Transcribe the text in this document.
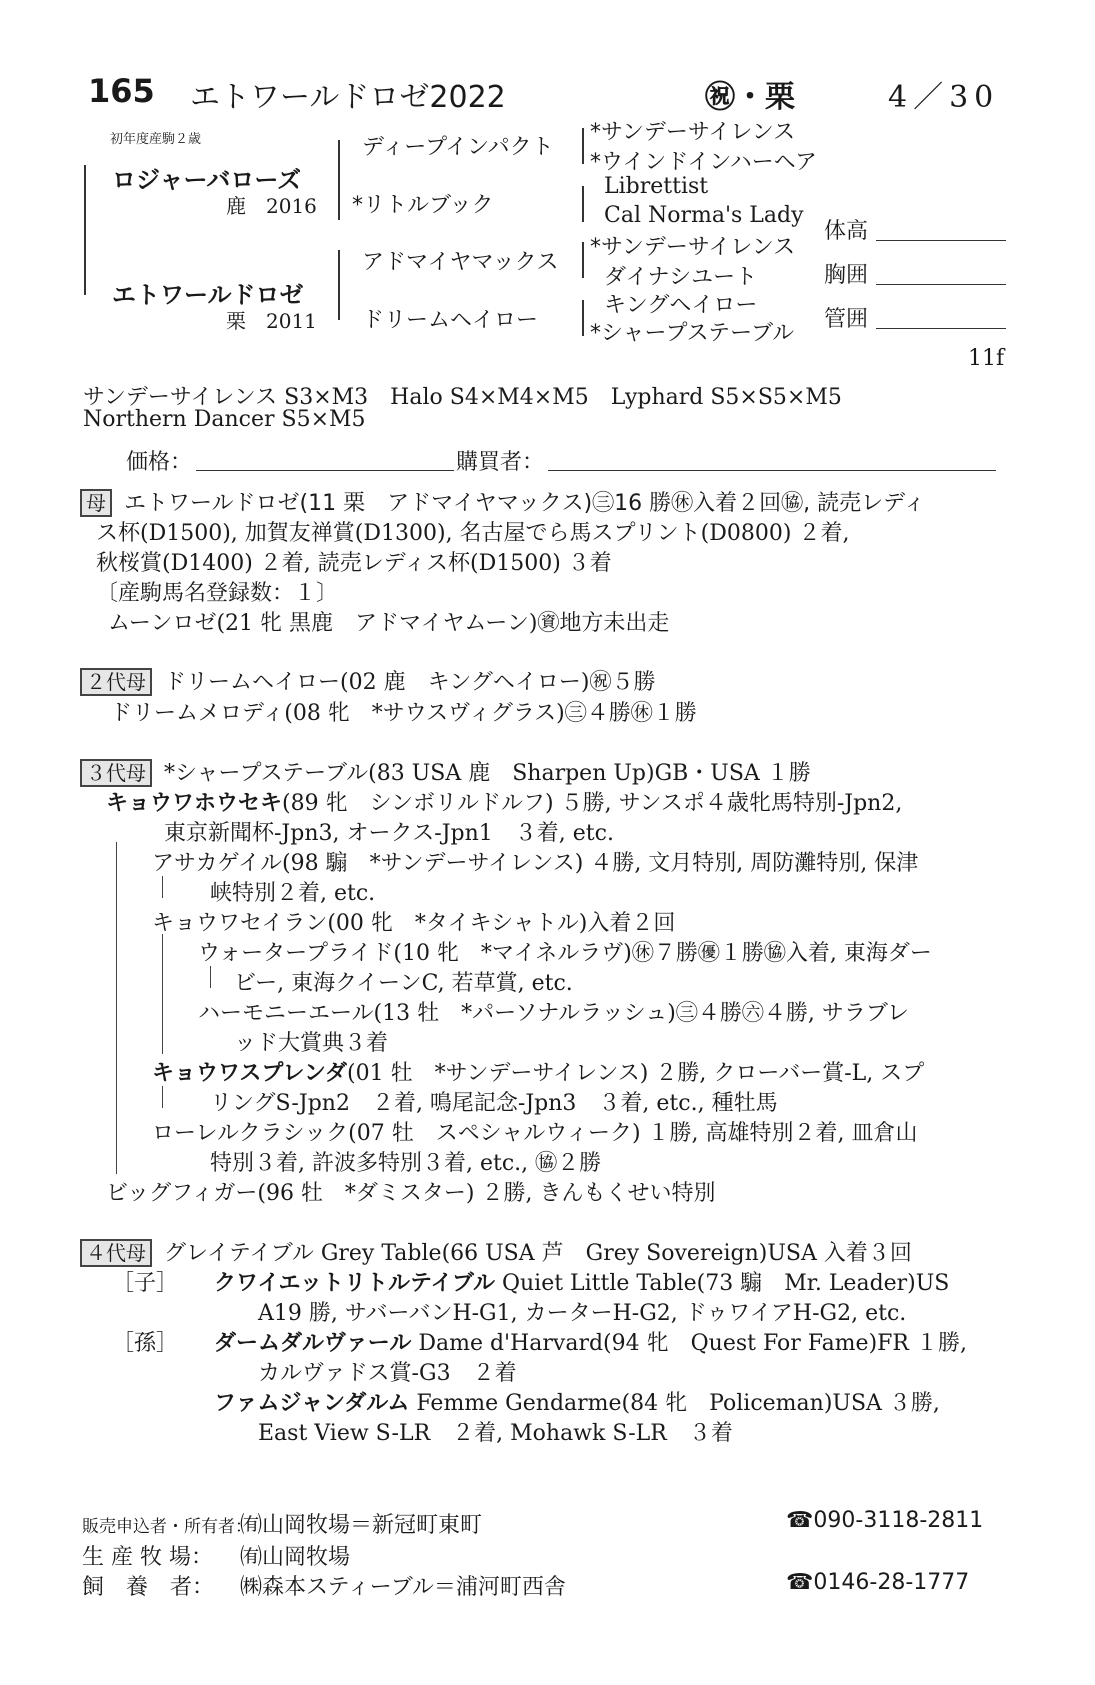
165 エトワールドロゼ2022	㊗・栗	4／30
初年度産駒２歳
ロジャーバローズ
鹿　2016
エトワールドロゼ
栗　2011
ディープインパクト
*リトルブック
アドマイヤマックス
ドリームヘイロー
*サンデーサイレンス
*ウインドインハーヘア
Librettist
Cal Norma's Lady
*サンデーサイレンス
ダイナシユート
キングヘイロー
*シャープステーブル
体高
胸囲
管囲
11f
サンデーサイレンス S3×M3　Halo S4×M4×M5　Lyphard S5×S5×M5
Northern Dancer S5×M5
価格：	購買者：
母 エトワールドロゼ(11 栗　アドマイヤマックス)㊂16 勝㊡入着２回㊯, 読売レディ
ス杯(D1500), 加賀友禅賞(D1300), 名古屋でら馬スプリント(D0800) ２着,
秋桜賞(D1400) ２着, 読売レディス杯(D1500) ３着
〔産駒馬名登録数：１〕
ムーンロゼ(21 牝 黒鹿　アドマイヤムーン)㊮地方未出走
２代母 ドリームヘイロー(02 鹿　キングヘイロー)㊗５勝
ドリームメロディ(08 牝　*サウスヴィグラス)㊂４勝㊡１勝
３代母 *シャープステーブル(83 USA 鹿　Sharpen Up)GB・USA １勝
キョウワホウセキ(89 牝　シンボリルドルフ) ５勝, サンスポ４歳牝馬特別-Jpn2,
東京新聞杯-Jpn3, オークス-Jpn1　３着, etc.
アサカゲイル(98 騸　*サンデーサイレンス) ４勝, 文月特別, 周防灘特別, 保津
峡特別２着, etc.
キョウワセイラン(00 牝　*タイキシャトル)入着２回
ウォータープライド(10 牝　*マイネルラヴ)㊡７勝㊝１勝㊯入着, 東海ダー
ビー, 東海クイーンC, 若草賞, etc.
ハーモニーエール(13 牡　*パーソナルラッシュ)㊂４勝㊅４勝, サラブレ
ッド大賞典３着
キョウワスプレンダ(01 牡　*サンデーサイレンス) ２勝, クローバー賞-L, スプ
リングS-Jpn2　２着, 鳴尾記念-Jpn3　３着, etc., 種牡馬
ローレルクラシック(07 牡　スペシャルウィーク) １勝, 高雄特別２着, 皿倉山
特別３着, 許波多特別３着, etc., ㊯２勝
ビッグフィガー(96 牡　*ダミスター) ２勝, きんもくせい特別
４代母 グレイテイブル Grey Table(66 USA 芦　Grey Sovereign)USA 入着３回
［子］ クワイエットリトルテイブル Quiet Little Table(73 騸　Mr. Leader)US
A19 勝, サバーバンH-G1, カーターH-G2, ドゥワイアH-G2, etc.
［孫］ ダームダルヴァール Dame d'Harvard(94 牝　Quest For Fame)FR １勝,
カルヴァドス賞-G3　２着
ファムジャンダルム Femme Gendarme(84 牝　Policeman)USA ３勝,
East View S-LR　２着, Mohawk S-LR　３着
販売申込者・所有者：
㈲山岡牧場＝新冠町東町	☎090-3118-2811
生 産 牧 場： ㈲山岡牧場
飼　養　者： ㈱森本スティーブル＝浦河町西舎	☎0146-28-1777
